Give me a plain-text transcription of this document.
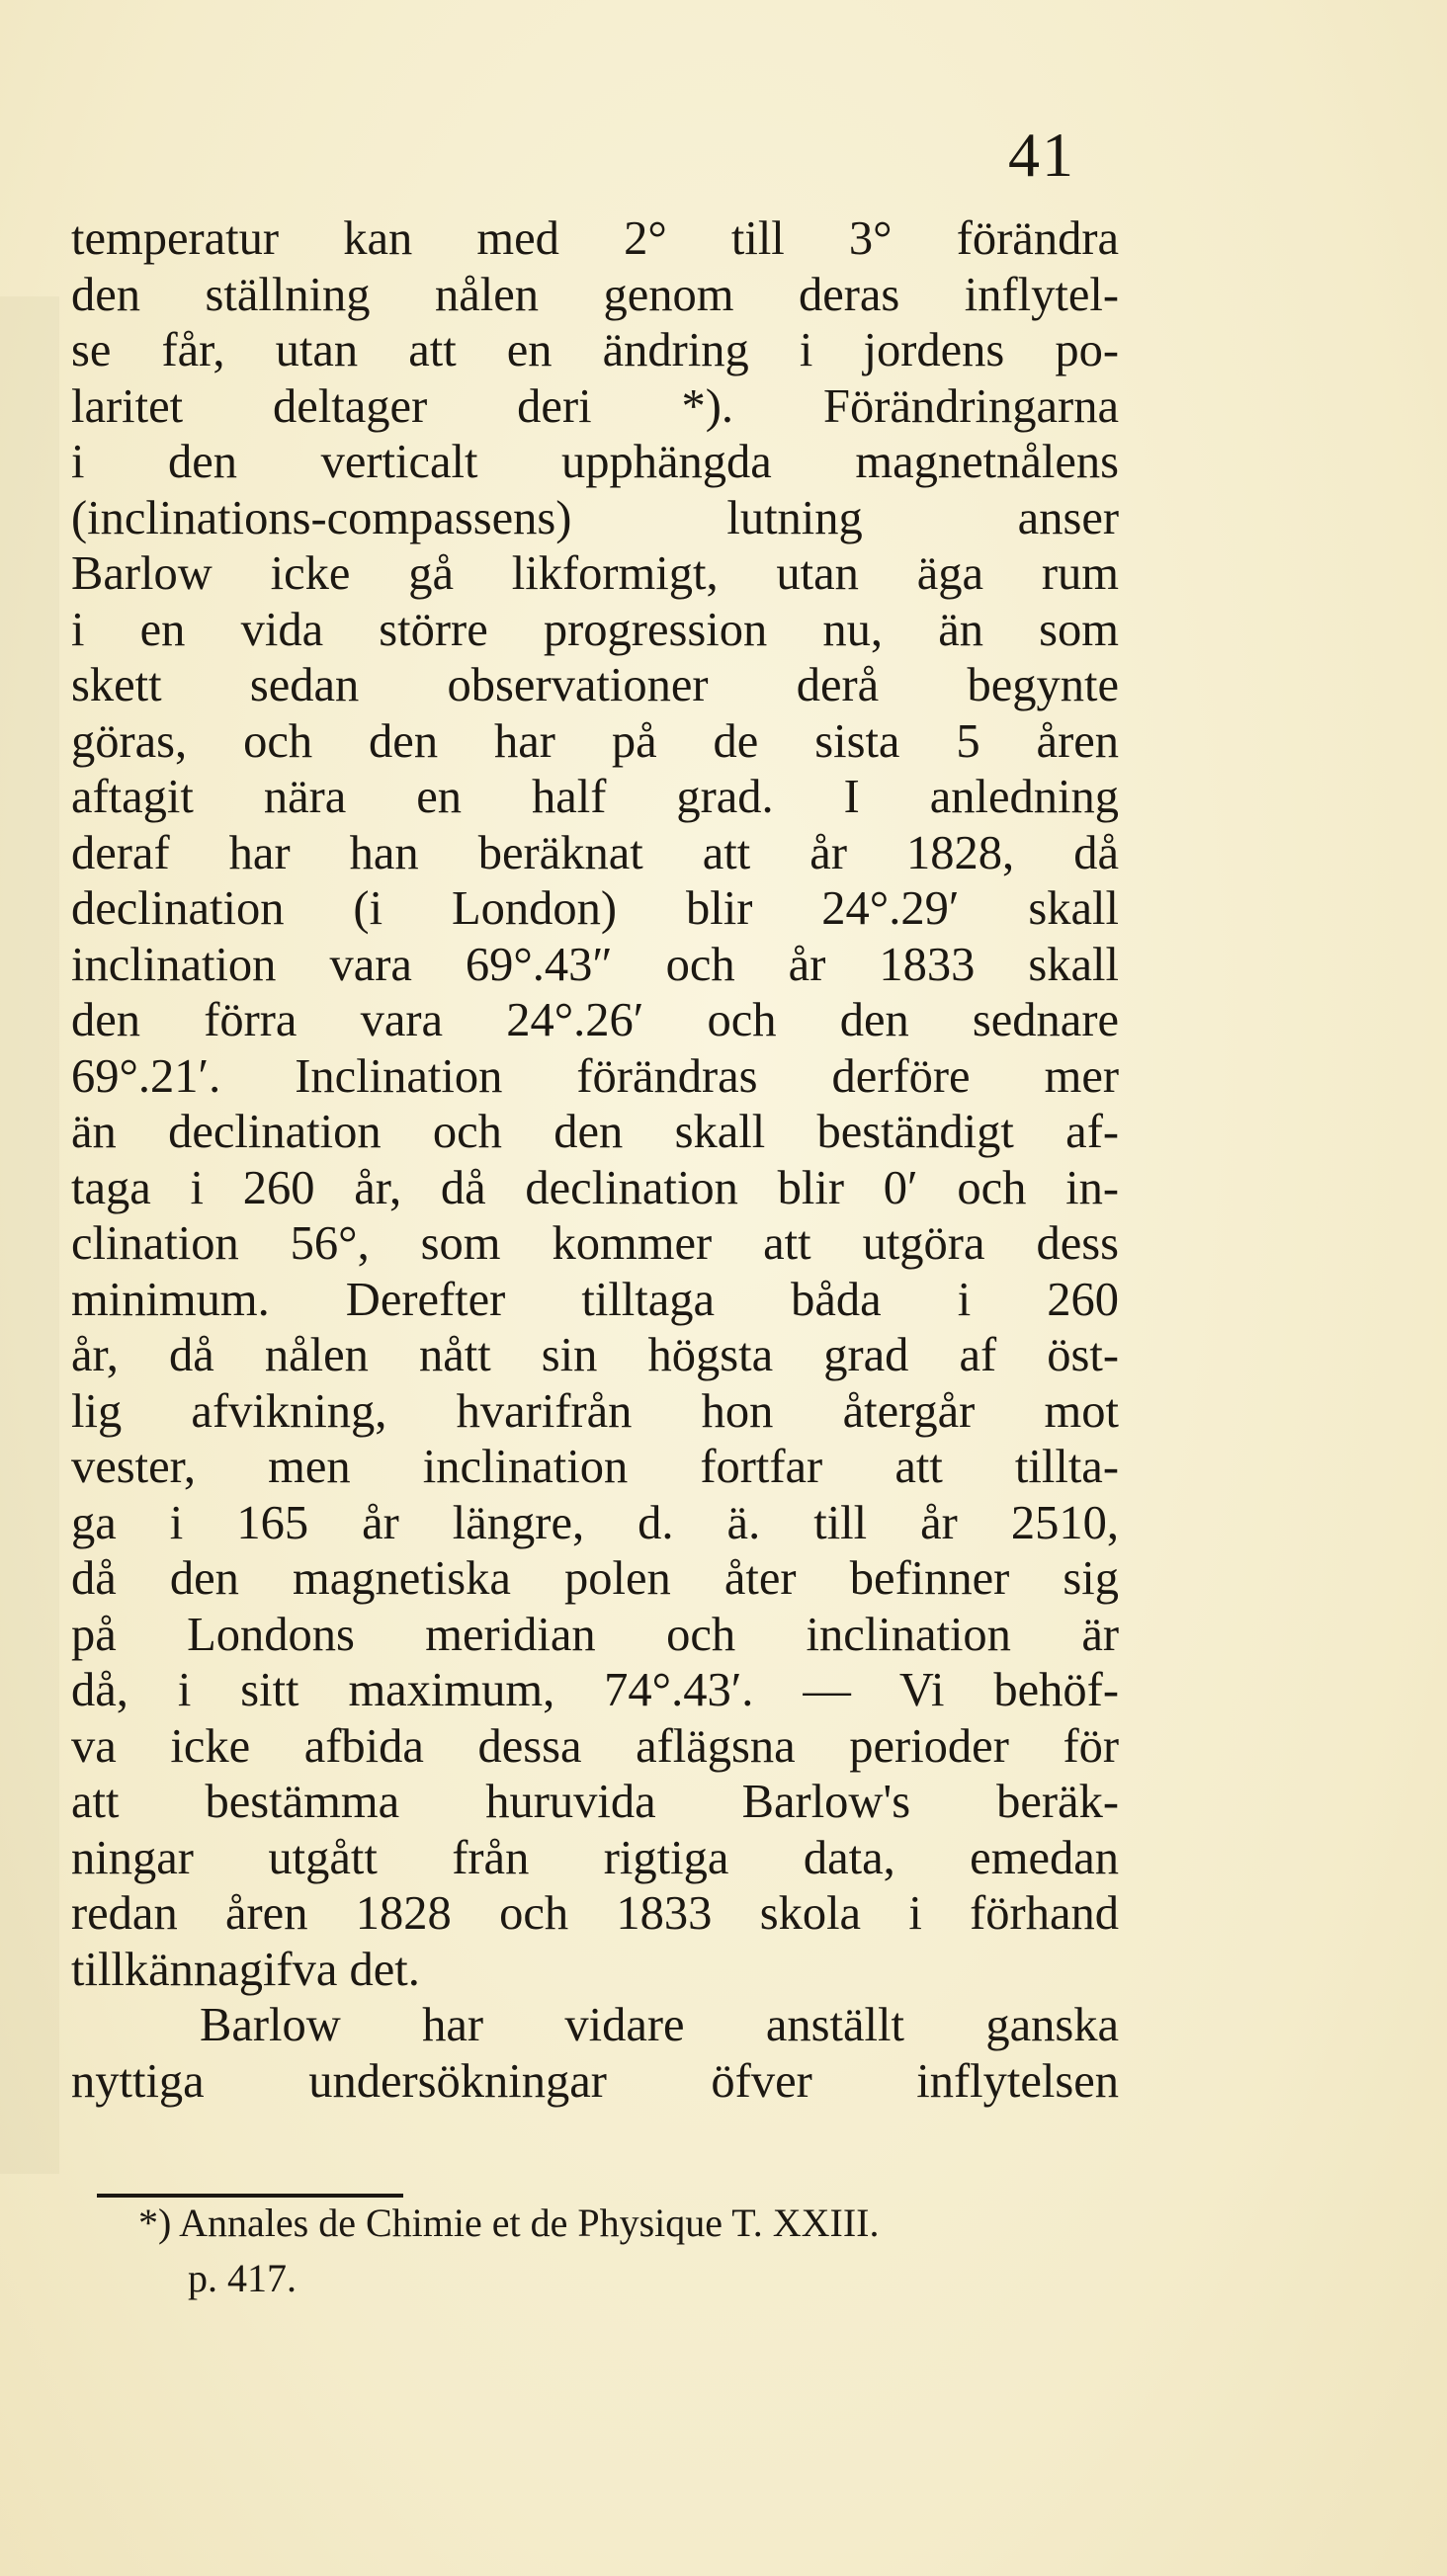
41
temperatur kan med 2° till 3° förändra
den ställning nålen genom deras inflytel-
se får, utan att en ändring i jordens po-
laritet deltager deri *). Förändringarna
i den verticalt upphängda magnetnålens
(inclinations-compassens) lutning anser
Barlow icke gå likformigt, utan äga rum
i en vida större progression nu, än som
skett sedan observationer derå begynte
göras, och den har på de sista 5 åren
aftagit nära en half grad. I anledning
deraf har han beräknat att år 1828, då
declination (i London) blir 24°.29′ skall
inclination vara 69°.43″ och år 1833 skall
den förra vara 24°.26′ och den sednare
69°.21′. Inclination förändras derföre mer
än declination och den skall beständigt af-
taga i 260 år, då declination blir 0′ och in-
clination 56°, som kommer att utgöra dess
minimum. Derefter tilltaga båda i 260
år, då nålen nått sin högsta grad af öst-
lig afvikning, hvarifrån hon återgår mot
vester, men inclination fortfar att tillta-
ga i 165 år längre, d. ä. till år 2510,
då den magnetiska polen åter befinner sig
på Londons meridian och inclination är
då, i sitt maximum, 74°.43′. — Vi behöf-
va icke afbida dessa aflägsna perioder för
att bestämma huruvida Barlow's beräk-
ningar utgått från rigtiga data, emedan
redan åren 1828 och 1833 skola i förhand
tillkännagifva det.
Barlow har vidare anställt ganska
nyttiga undersökningar öfver inflytelsen
*) Annales de Chimie et de Physique T. XXIII.
p. 417.
